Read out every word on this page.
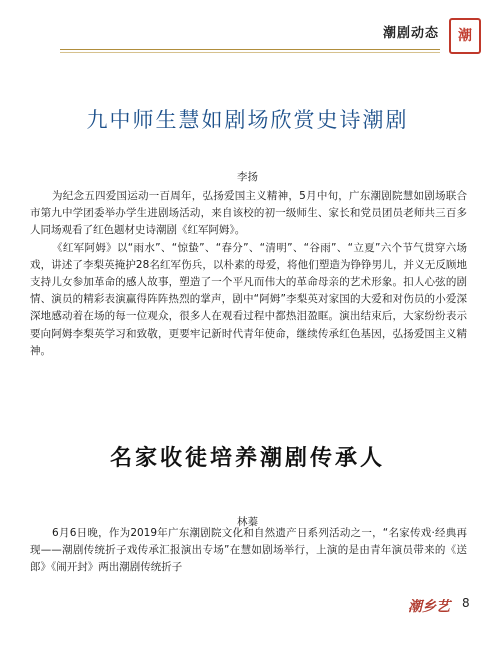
潮剧动态	潮
九中师生慧如剧场欣赏史诗潮剧
李扬

为纪念五四爱国运动一百周年，弘扬爱国主义精神，5月中旬，广东潮剧院慧如剧场联合市第九中学团委举办学生进剧场活动，来自该校的初一级师生、家长和党员团员老师共三百多人同场观看了红色题材史诗潮剧《红军阿姆》。

《红军阿姆》以“雨水”、“惊蛰”、“春分”、“清明”、“谷雨”、“立夏”六个节气贯穿六场戏，讲述了李梨英掩护28名红军伤兵，以朴素的母爱，将他们塑造为铮铮男儿，并义无反顾地支持儿女参加革命的感人故事，塑造了一个平凡而伟大的革命母亲的艺术形象。扣人心弦的剧情、演员的精彩表演赢得阵阵热烈的掌声，剧中“阿姆”李梨英对家国的大爱和对伤员的小爱深深地感动着在场的每一位观众，很多人在观看过程中都热泪盈眶。演出结束后，大家纷纷表示要向阿姆李梨英学习和致敬，更要牢记新时代青年使命，继续传承红色基因，弘扬爱国主义精神。

名家收徒培养潮剧传承人
林蓁

6月6日晚，作为2019年广东潮剧院文化和自然遗产日系列活动之一，“名家传戏·经典再现——潮剧传统折子戏传承汇报演出专场”在慧如剧场举行，上演的是由青年演员带来的《送郎》《闹开封》两出潮剧传统折子

潮乡艺 8
